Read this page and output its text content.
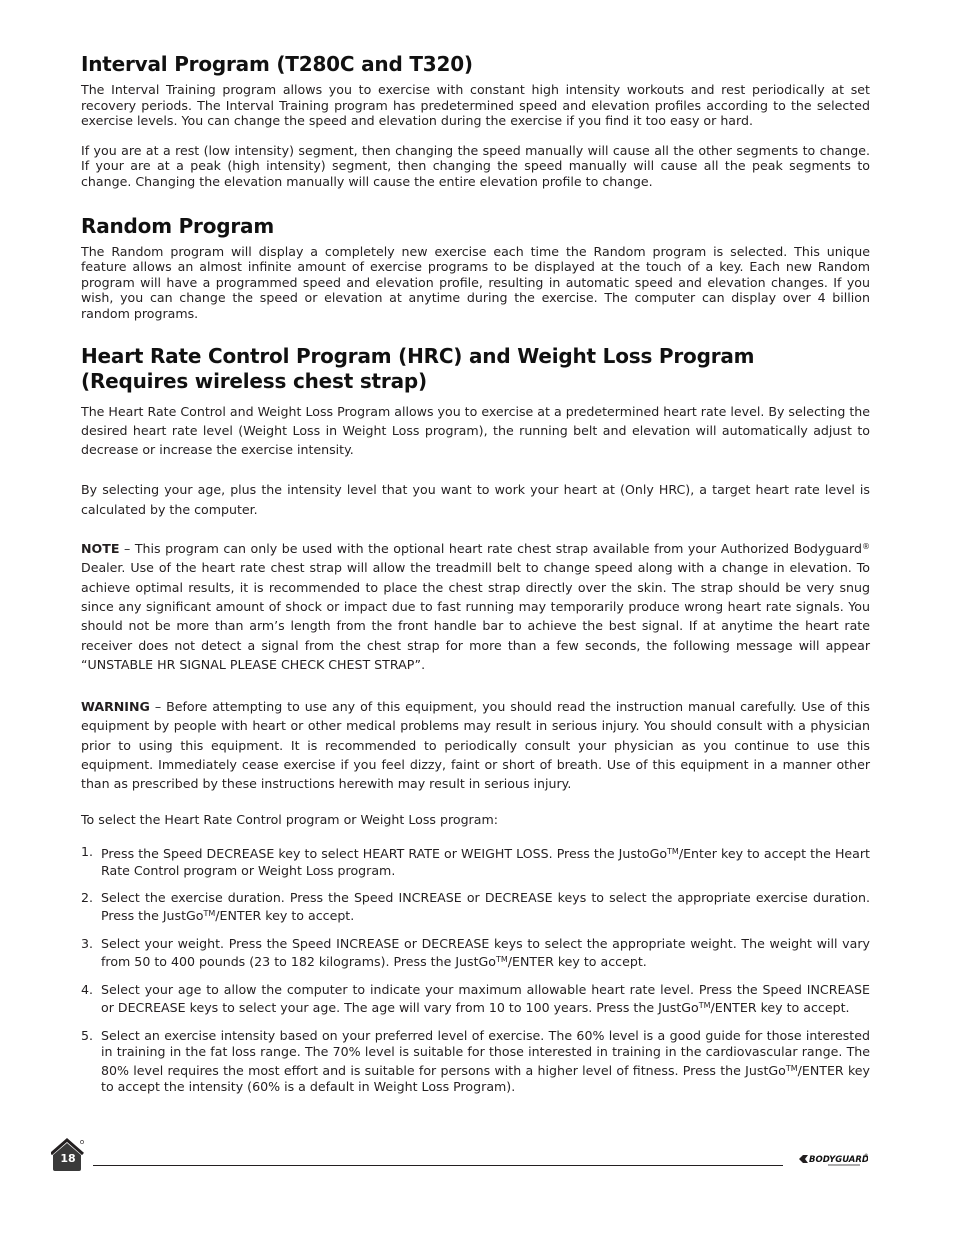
Interval Program (T280C and T320)

The Interval Training program allows you to exercise with constant high intensity workouts and rest periodically at set recovery periods. The Interval Training program has predetermined speed and elevation profiles according to the selected exercise levels. You can change the speed and elevation during the exercise if you find it too easy or hard.

If you are at a rest (low intensity) segment, then changing the speed manually will cause all the other segments to change. If your are at a peak (high intensity) segment, then changing the speed manually will cause all the peak segments to change. Changing the elevation manually will cause the entire elevation profile to change.

Random Program

The Random program will display a completely new exercise each time the Random program is selected. This unique feature allows an almost infinite amount of exercise programs to be displayed at the touch of a key. Each new Random program will have a programmed speed and elevation profile, resulting in automatic speed and elevation changes. If you wish, you can change the speed or elevation at anytime during the exercise. The computer can display over 4 billion random programs.

Heart Rate Control Program (HRC) and Weight Loss Program
(Requires wireless chest strap)

The Heart Rate Control and Weight Loss Program allows you to exercise at a predetermined heart rate level. By selecting the desired heart rate level (Weight Loss in Weight Loss program), the running belt and elevation will automatically adjust to decrease or increase the exercise intensity.

By selecting your age, plus the intensity level that you want to work your heart at (Only HRC), a target heart rate level is calculated by the computer.

NOTE – This program can only be used with the optional heart rate chest strap available from your Authorized Bodyguard® Dealer. Use of the heart rate chest strap will allow the treadmill belt to change speed along with a change in elevation. To achieve optimal results, it is recommended to place the chest strap directly over the skin. The strap should be very snug since any significant amount of shock or impact due to fast running may temporarily produce wrong heart rate signals. You should not be more than arm’s length from the front handle bar to achieve the best signal. If at anytime the heart rate receiver does not detect a signal from the chest strap for more than a few seconds, the following message will appear “UNSTABLE HR SIGNAL PLEASE CHECK CHEST STRAP”.

WARNING – Before attempting to use any of this equipment, you should read the instruction manual carefully. Use of this equipment by people with heart or other medical problems may result in serious injury. You should consult with a physician prior to using this equipment. It is recommended to periodically consult your physician as you continue to use this equipment. Immediately cease exercise if you feel dizzy, faint or short of breath. Use of this equipment in a manner other than as prescribed by these instructions herewith may result in serious injury.

To select the Heart Rate Control program or Weight Loss program:

1. Press the Speed DECREASE key to select HEART RATE or WEIGHT LOSS. Press the JustoGo™/Enter key to accept the Heart Rate Control program or Weight Loss program.
2. Select the exercise duration. Press the Speed INCREASE or DECREASE keys to select the appropriate exercise duration. Press the JustGo™/ENTER key to accept.
3. Select your weight. Press the Speed INCREASE or DECREASE keys to select the appropriate weight. The weight will vary from 50 to 400 pounds (23 to 182 kilograms). Press the JustGo™/ENTER key to accept.
4. Select your age to allow the computer to indicate your maximum allowable heart rate level. Press the Speed INCREASE or DECREASE keys to select your age. The age will vary from 10 to 100 years. Press the JustGo™/ENTER key to accept.
5. Select an exercise intensity based on your preferred level of exercise. The 60% level is a good guide for those interested in training in the fat loss range. The 70% level is suitable for those interested in training in the cardiovascular range. The 80% level requires the most effort and is suitable for persons with a higher level of fitness. Press the JustGo™/ENTER key to accept the intensity (60% is a default in Weight Loss Program).
18	BODYGUARD
®
